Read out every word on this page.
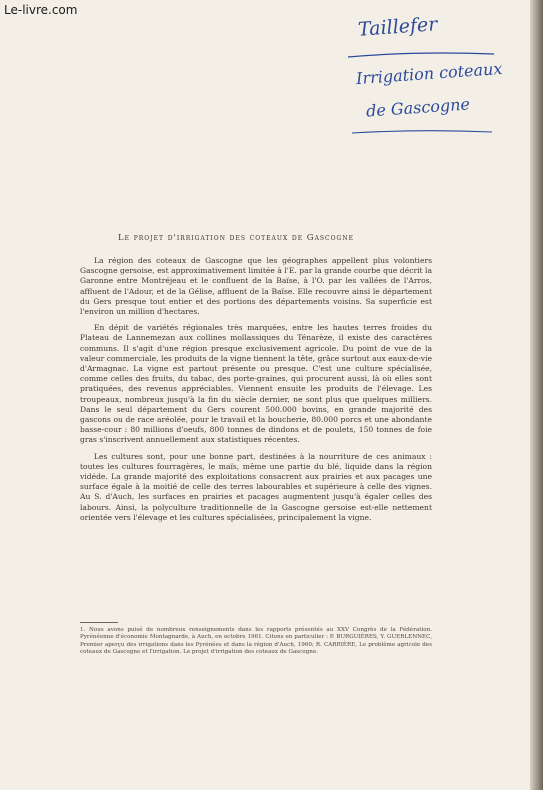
Le-livre.com
Taillefer
Irrigation coteaux
de Gascogne
Le projet d'irrigation des coteaux de Gascogne

La région des coteaux de Gascogne que les géographes appellent plus volontiers Gascogne gersoise, est approximativement limitée à l'E. par la grande courbe que décrit la Garonne entre Montréjeau et le confluent de la Baïse, à l'O. par les vallées de l'Arros, affluent de l'Adour, et de la Gélise, affluent de la Baïse. Elle recouvre ainsi le département du Gers presque tout entier et des portions des départements voisins. Sa superficie est l'environ un million d'hectares.

En dépit de variétés régionales très marquées, entre les hautes terres froides du Plateau de Lannemezan aux collines mollassiques du Ténarèze, il existe des caractères communs. Il s'agit d'une région presque exclusivement agricole. Du point de vue de la valeur commerciale, les produits de la vigne tiennent la tête, grâce surtout aux eaux-de-vie d'Armagnac. La vigne est partout présente ou presque. C'est une culture spécialisée, comme celles des fruits, du tabac, des porte-graines, qui procurent aussi, là où elles sont pratiquées, des revenus appréciables. Viennent ensuite les produits de l'élevage. Les troupeaux, nombreux jusqu'à la fin du siècle dernier, ne sont plus que quelques milliers. Dans le seul département du Gers courent 500.000 bovins, en grande majorité des gascons ou de race aréolée, pour le travail et la boucherie, 80.000 porcs et une abondante basse-cour : 80 millions d'oeufs, 800 tonnes de dindons et de poulets, 150 tonnes de foie gras s'inscrivent annuellement aux statistiques récentes.

Les cultures sont, pour une bonne part, destinées à la nourriture de ces animaux : toutes les cultures fourragères, le maïs, même une partie du blé, liquide dans la région vidéde. La grande majorité des exploitations consacrent aux prairies et aux pacages une surface égale à la moitié de celle des terres labourables et supérieure à celle des vignes. Au S. d'Auch, les surfaces en prairies et pacages augmentent jusqu'à égaler celles des labours. Ainsi, la polyculture traditionnelle de la Gascogne gersoise est-elle nettement orientée vers l'élevage et les cultures spécialisées, principalement la vigne.

1. Nous avons puisé de nombreux renseignements dans les rapports présentés au XXV Congrès de la Fédération. Pyrénéenne d'économie Montagnarde, à Auch, en octobre 1961. Citons en particulier : P. BURGUIÈRES, Y. GUERLENNEC, Premier aperçu des irrigations dans les Pyrénées et dans la région d'Auch, 1960; R. CARRIÈRE, Le problème agricole des coteaux de Gascogne et l'irrigation. Le projet d'irrigation des coteaux de Gascogne.
